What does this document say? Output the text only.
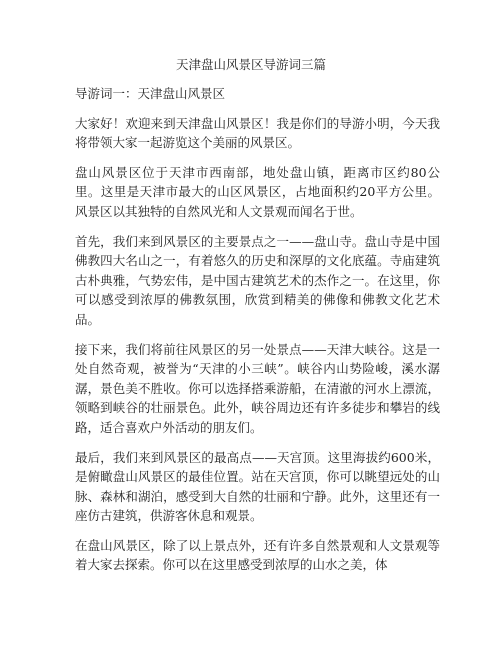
天津盘山风景区导游词三篇

导游词一：天津盘山风景区

大家好！欢迎来到天津盘山风景区！我是你们的导游小明，今天我将带领大家一起游览这个美丽的风景区。

盘山风景区位于天津市西南部，地处盘山镇，距离市区约80公里。这里是天津市最大的山区风景区，占地面积约20平方公里。风景区以其独特的自然风光和人文景观而闻名于世。

首先，我们来到风景区的主要景点之一——盘山寺。盘山寺是中国佛教四大名山之一，有着悠久的历史和深厚的文化底蕴。寺庙建筑古朴典雅，气势宏伟，是中国古建筑艺术的杰作之一。在这里，你可以感受到浓厚的佛教氛围，欣赏到精美的佛像和佛教文化艺术品。

接下来，我们将前往风景区的另一处景点——天津大峡谷。这是一处自然奇观，被誉为“天津的小三峡”。峡谷内山势险峻，溪水潺潺，景色美不胜收。你可以选择搭乘游船，在清澈的河水上漂流，领略到峡谷的壮丽景色。此外，峡谷周边还有许多徒步和攀岩的线路，适合喜欢户外活动的朋友们。

最后，我们来到风景区的最高点——天宫顶。这里海拔约600米，是俯瞰盘山风景区的最佳位置。站在天宫顶，你可以眺望远处的山脉、森林和湖泊，感受到大自然的壮丽和宁静。此外，这里还有一座仿古建筑，供游客休息和观景。

在盘山风景区，除了以上景点外，还有许多自然景观和人文景观等着大家去探索。你可以在这里感受到浓厚的山水之美，体
